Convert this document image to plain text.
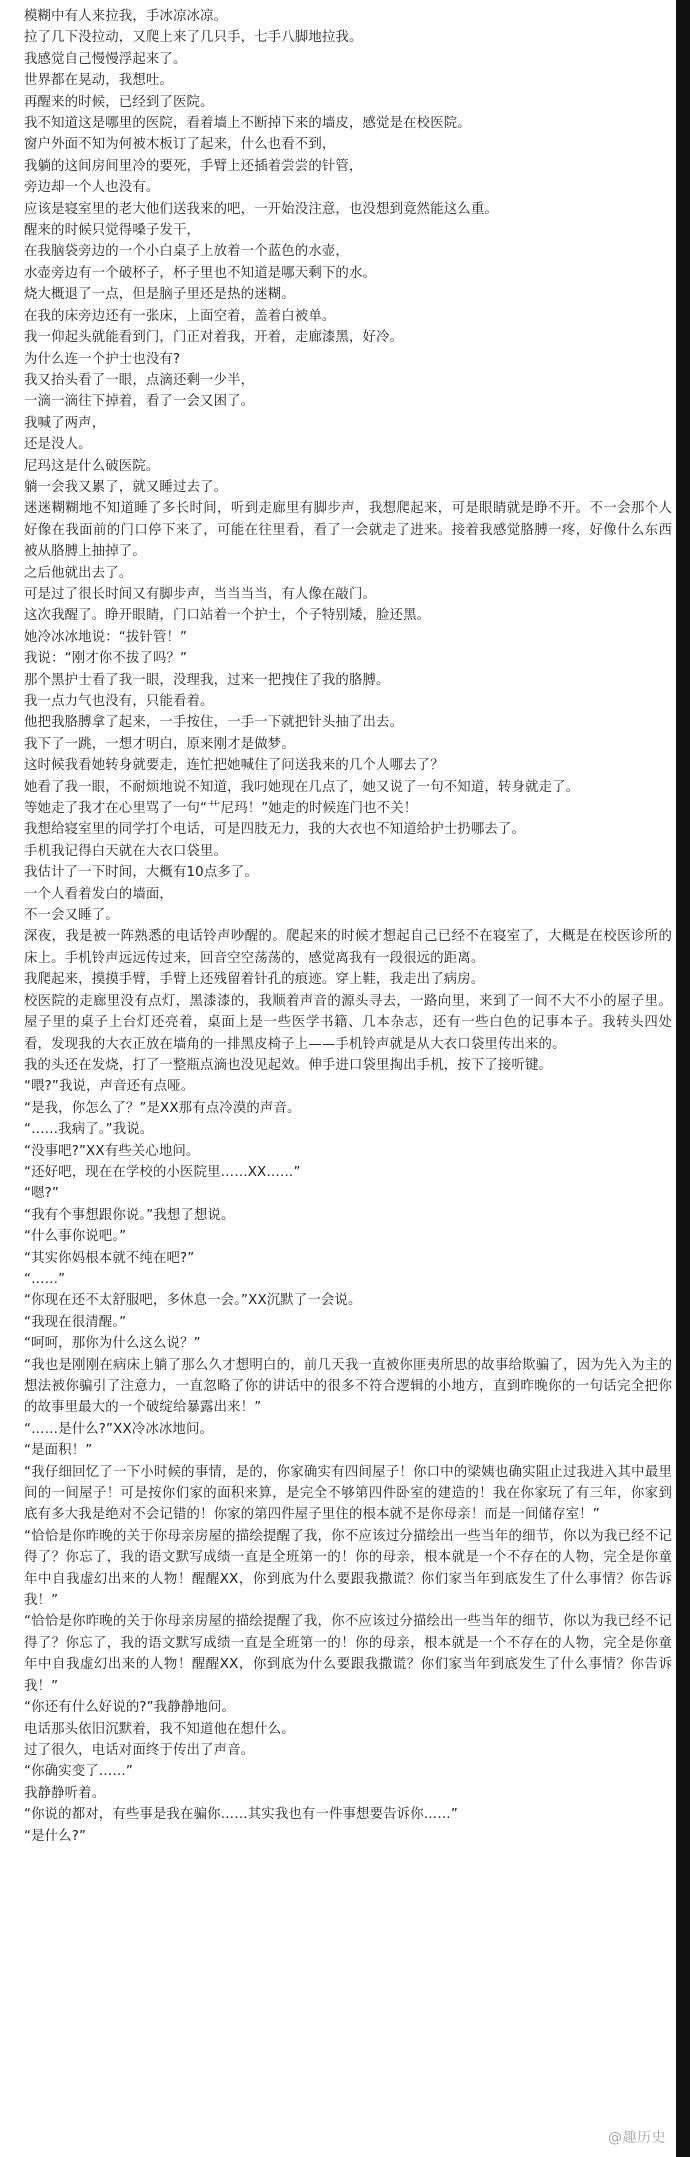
模糊中有人来拉我，手冰凉冰凉。

拉了几下没拉动，又爬上来了几只手，七手八脚地拉我。

我感觉自己慢慢浮起来了。

世界都在晃动，我想吐。

再醒来的时候，已经到了医院。

我不知道这是哪里的医院，看着墙上不断掉下来的墙皮，感觉是在校医院。

窗户外面不知为何被木板订了起来，什么也看不到，

我躺的这间房间里冷的要死，手臂上还插着尝尝的针管，

旁边却一个人也没有。

应该是寝室里的老大他们送我来的吧，一开始没注意，也没想到竟然能这么重。

醒来的时候只觉得嗓子发干，

在我脑袋旁边的一个小白桌子上放着一个蓝色的水壶，

水壶旁边有一个破杯子，杯子里也不知道是哪天剩下的水。

烧大概退了一点，但是脑子里还是热的迷糊。

在我的床旁边还有一张床，上面空着，盖着白被单。

我一仰起头就能看到门，门正对着我，开着，走廊漆黑，好冷。

为什么连一个护士也没有?

我又抬头看了一眼，点滴还剩一少半，

一滴一滴往下掉着，看了一会又困了。

我喊了两声，

还是没人。

尼玛这是什么破医院。

躺一会我又累了，就又睡过去了。

迷迷糊糊地不知道睡了多长时间，听到走廊里有脚步声，我想爬起来，可是眼睛就是睁不开。不一会那个人好像在我面前的门口停下来了，可能在往里看，看了一会就走了进来。接着我感觉胳膊一疼，好像什么东西被从胳膊上抽掉了。

之后他就出去了。

可是过了很长时间又有脚步声，当当当当，有人像在敲门。

这次我醒了。睁开眼睛，门口站着一个护士，个子特别矮，脸还黑。

她冷冰冰地说：“拔针管！”

我说：“刚才你不拔了吗？”

那个黑护士看了我一眼，没理我，过来一把拽住了我的胳膊。

我一点力气也没有，只能看着。

他把我胳膊拿了起来，一手按住，一手一下就把针头抽了出去。

我下了一跳，一想才明白，原来刚才是做梦。

这时候我看她转身就要走，连忙把她喊住了问送我来的几个人哪去了？

她看了我一眼，不耐烦地说不知道，我叼她现在几点了，她又说了一句不知道，转身就走了。

等她走了我才在心里骂了一句“艹尼玛！”她走的时候连门也不关！

我想给寝室里的同学打个电话，可是四肢无力，我的大衣也不知道给护士扔哪去了。

手机我记得白天就在大衣口袋里。

我估计了一下时间，大概有10点多了。

一个人看着发白的墙面，

不一会又睡了。

深夜，我是被一阵熟悉的电话铃声吵醒的。爬起来的时候才想起自己已经不在寝室了，大概是在校医诊所的床上。手机铃声远远传过来，回音空空荡荡的，感觉离我有一段很远的距离。

我爬起来，摸摸手臂，手臂上还残留着针孔的痕迹。穿上鞋，我走出了病房。

校医院的走廊里没有点灯，黑漆漆的，我顺着声音的源头寻去，一路向里，来到了一间不大不小的屋子里。屋子里的桌子上台灯还亮着，桌面上是一些医学书籍、几本杂志，还有一些白色的记事本子。我转头四处看，发现我的大衣正放在墙角的一排黑皮椅子上——手机铃声就是从大衣口袋里传出来的。

我的头还在发烧，打了一整瓶点滴也没见起效。伸手进口袋里掏出手机，按下了接听键。

“喂?”我说，声音还有点哑。

“是我，你怎么了？”是XX那有点冷漠的声音。

“……我病了。”我说。

“没事吧?”XX有些关心地问。

“还好吧，现在在学校的小医院里……XX……”

“嗯?”

“我有个事想跟你说。”我想了想说。

“什么事你说吧。”

“其实你妈根本就不纯在吧?”

“……”

“你现在还不太舒服吧，多休息一会。”XX沉默了一会说。

“我现在很清醒。”

“呵呵，那你为什么这么说？”

“我也是刚刚在病床上躺了那么久才想明白的，前几天我一直被你匪夷所思的故事给欺骗了，因为先入为主的想法被你骗引了注意力，一直忽略了你的讲话中的很多不符合逻辑的小地方，直到昨晚你的一句话完全把你的故事里最大的一个破绽给暴露出来！”

“……是什么?”XX冷冰冰地问。

“是面积！”

“我仔细回忆了一下小时候的事情，是的，你家确实有四间屋子！你口中的梁姨也确实阻止过我进入其中最里间的一间屋子！可是按你们家的面积来算，是完全不够第四件卧室的建造的！我在你家玩了有三年，你家到底有多大我是绝对不会记错的！你家的第四件屋子里住的根本就不是你母亲！而是一间储存室！”

“恰恰是你昨晚的关于你母亲房屋的描绘提醒了我，你不应该过分描绘出一些当年的细节，你以为我已经不记得了？你忘了，我的语文默写成绩一直是全班第一的！你的母亲，根本就是一个不存在的人物，完全是你童年中自我虚幻出来的人物！醒醒XX，你到底为什么要跟我撒谎？你们家当年到底发生了什么事情？你告诉我！”

“恰恰是你昨晚的关于你母亲房屋的描绘提醒了我，你不应该过分描绘出一些当年的细节，你以为我已经不记得了？你忘了，我的语文默写成绩一直是全班第一的！你的母亲，根本就是一个不存在的人物，完全是你童年中自我虚幻出来的人物！醒醒XX，你到底为什么要跟我撒谎？你们家当年到底发生了什么事情？你告诉我！”

“你还有什么好说的?”我静静地问。

电话那头依旧沉默着，我不知道他在想什么。

过了很久，电话对面终于传出了声音。

“你确实变了……”

我静静听着。

“你说的都对，有些事是我在骗你……其实我也有一件事想要告诉你……”

“是什么?”

@趣历史
